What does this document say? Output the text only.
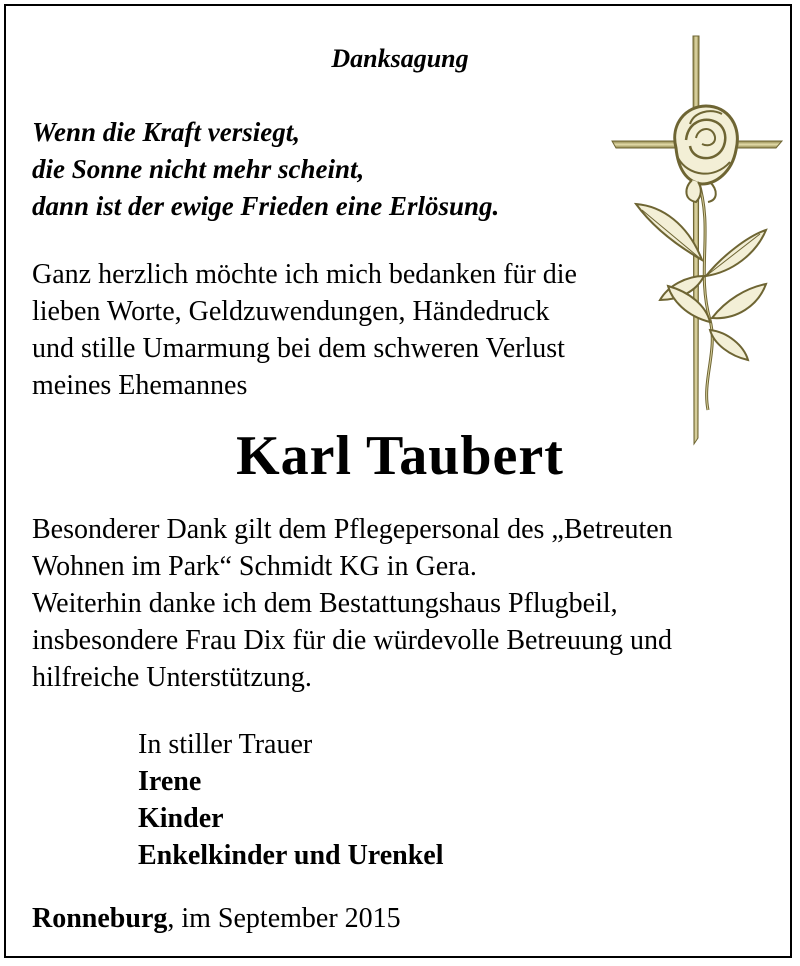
Danksagung
Wenn die Kraft versiegt,
die Sonne nicht mehr scheint,
dann ist der ewige Frieden eine Erlösung.
Ganz herzlich möchte ich mich bedanken für die
lieben Worte, Geldzuwendungen, Händedruck
und stille Umarmung bei dem schweren Verlust
meines Ehemannes
Karl Taubert
Besonderer Dank gilt dem Pflegepersonal des „Betreuten
Wohnen im Park“ Schmidt KG in Gera.
Weiterhin danke ich dem Bestattungshaus Pflugbeil,
insbesondere Frau Dix für die würdevolle Betreuung und
hilfreiche Unterstützung.
In stiller Trauer
Irene
Kinder
Enkelkinder und Urenkel
Ronneburg, im September 2015
